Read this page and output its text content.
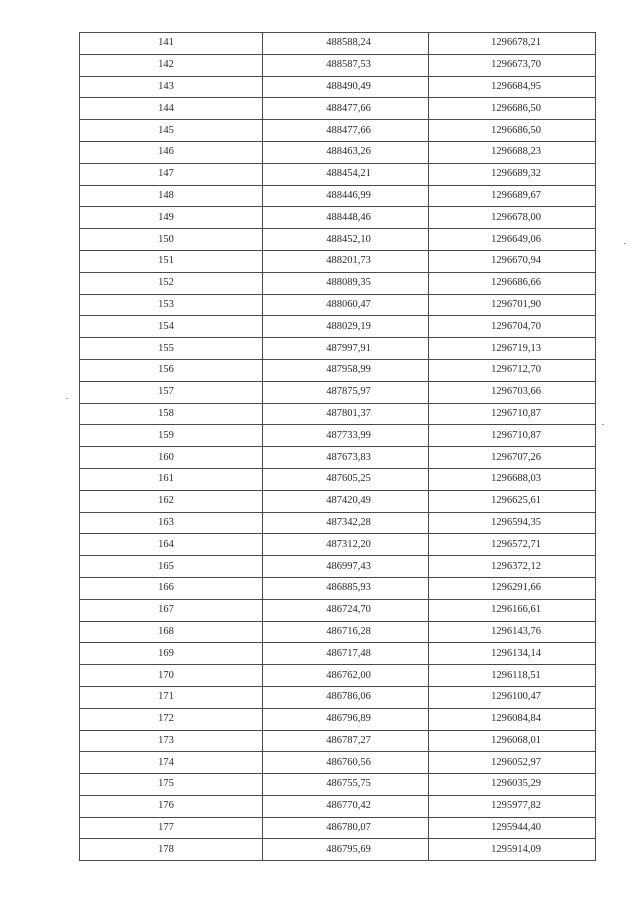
141	488588,24	1296678,21
142	488587,53	1296673,70
143	488490,49	1296684,95
144	488477,66	1296686,50
145	488477,66	1296686,50
146	488463,26	1296688,23
147	488454,21	1296689,32
148	488446,99	1296689,67
149	488448,46	1296678,00
150	488452,10	1296649,06
151	488201,73	1296670,94
152	488089,35	1296686,66
153	488060,47	1296701,90
154	488029,19	1296704,70
155	487997,91	1296719,13
156	487958,99	1296712,70
157	487875,97	1296703,66
158	487801,37	1296710,87
159	487733,99	1296710,87
160	487673,83	1296707,26
161	487605,25	1296688,03
162	487420,49	1296625,61
163	487342,28	1296594,35
164	487312,20	1296572,71
165	486997,43	1296372,12
166	486885,93	1296291,66
167	486724,70	1296166,61
168	486716,28	1296143,76
169	486717,48	1296134,14
170	486762,00	1296118,51
171	486786,06	1296100,47
172	486796,89	1296084,84
173	486787,27	1296068,01
174	486760,56	1296052,97
175	486755,75	1296035,29
176	486770,42	1295977,82
177	486780,07	1295944,40
178	486795,69	1295914,09
